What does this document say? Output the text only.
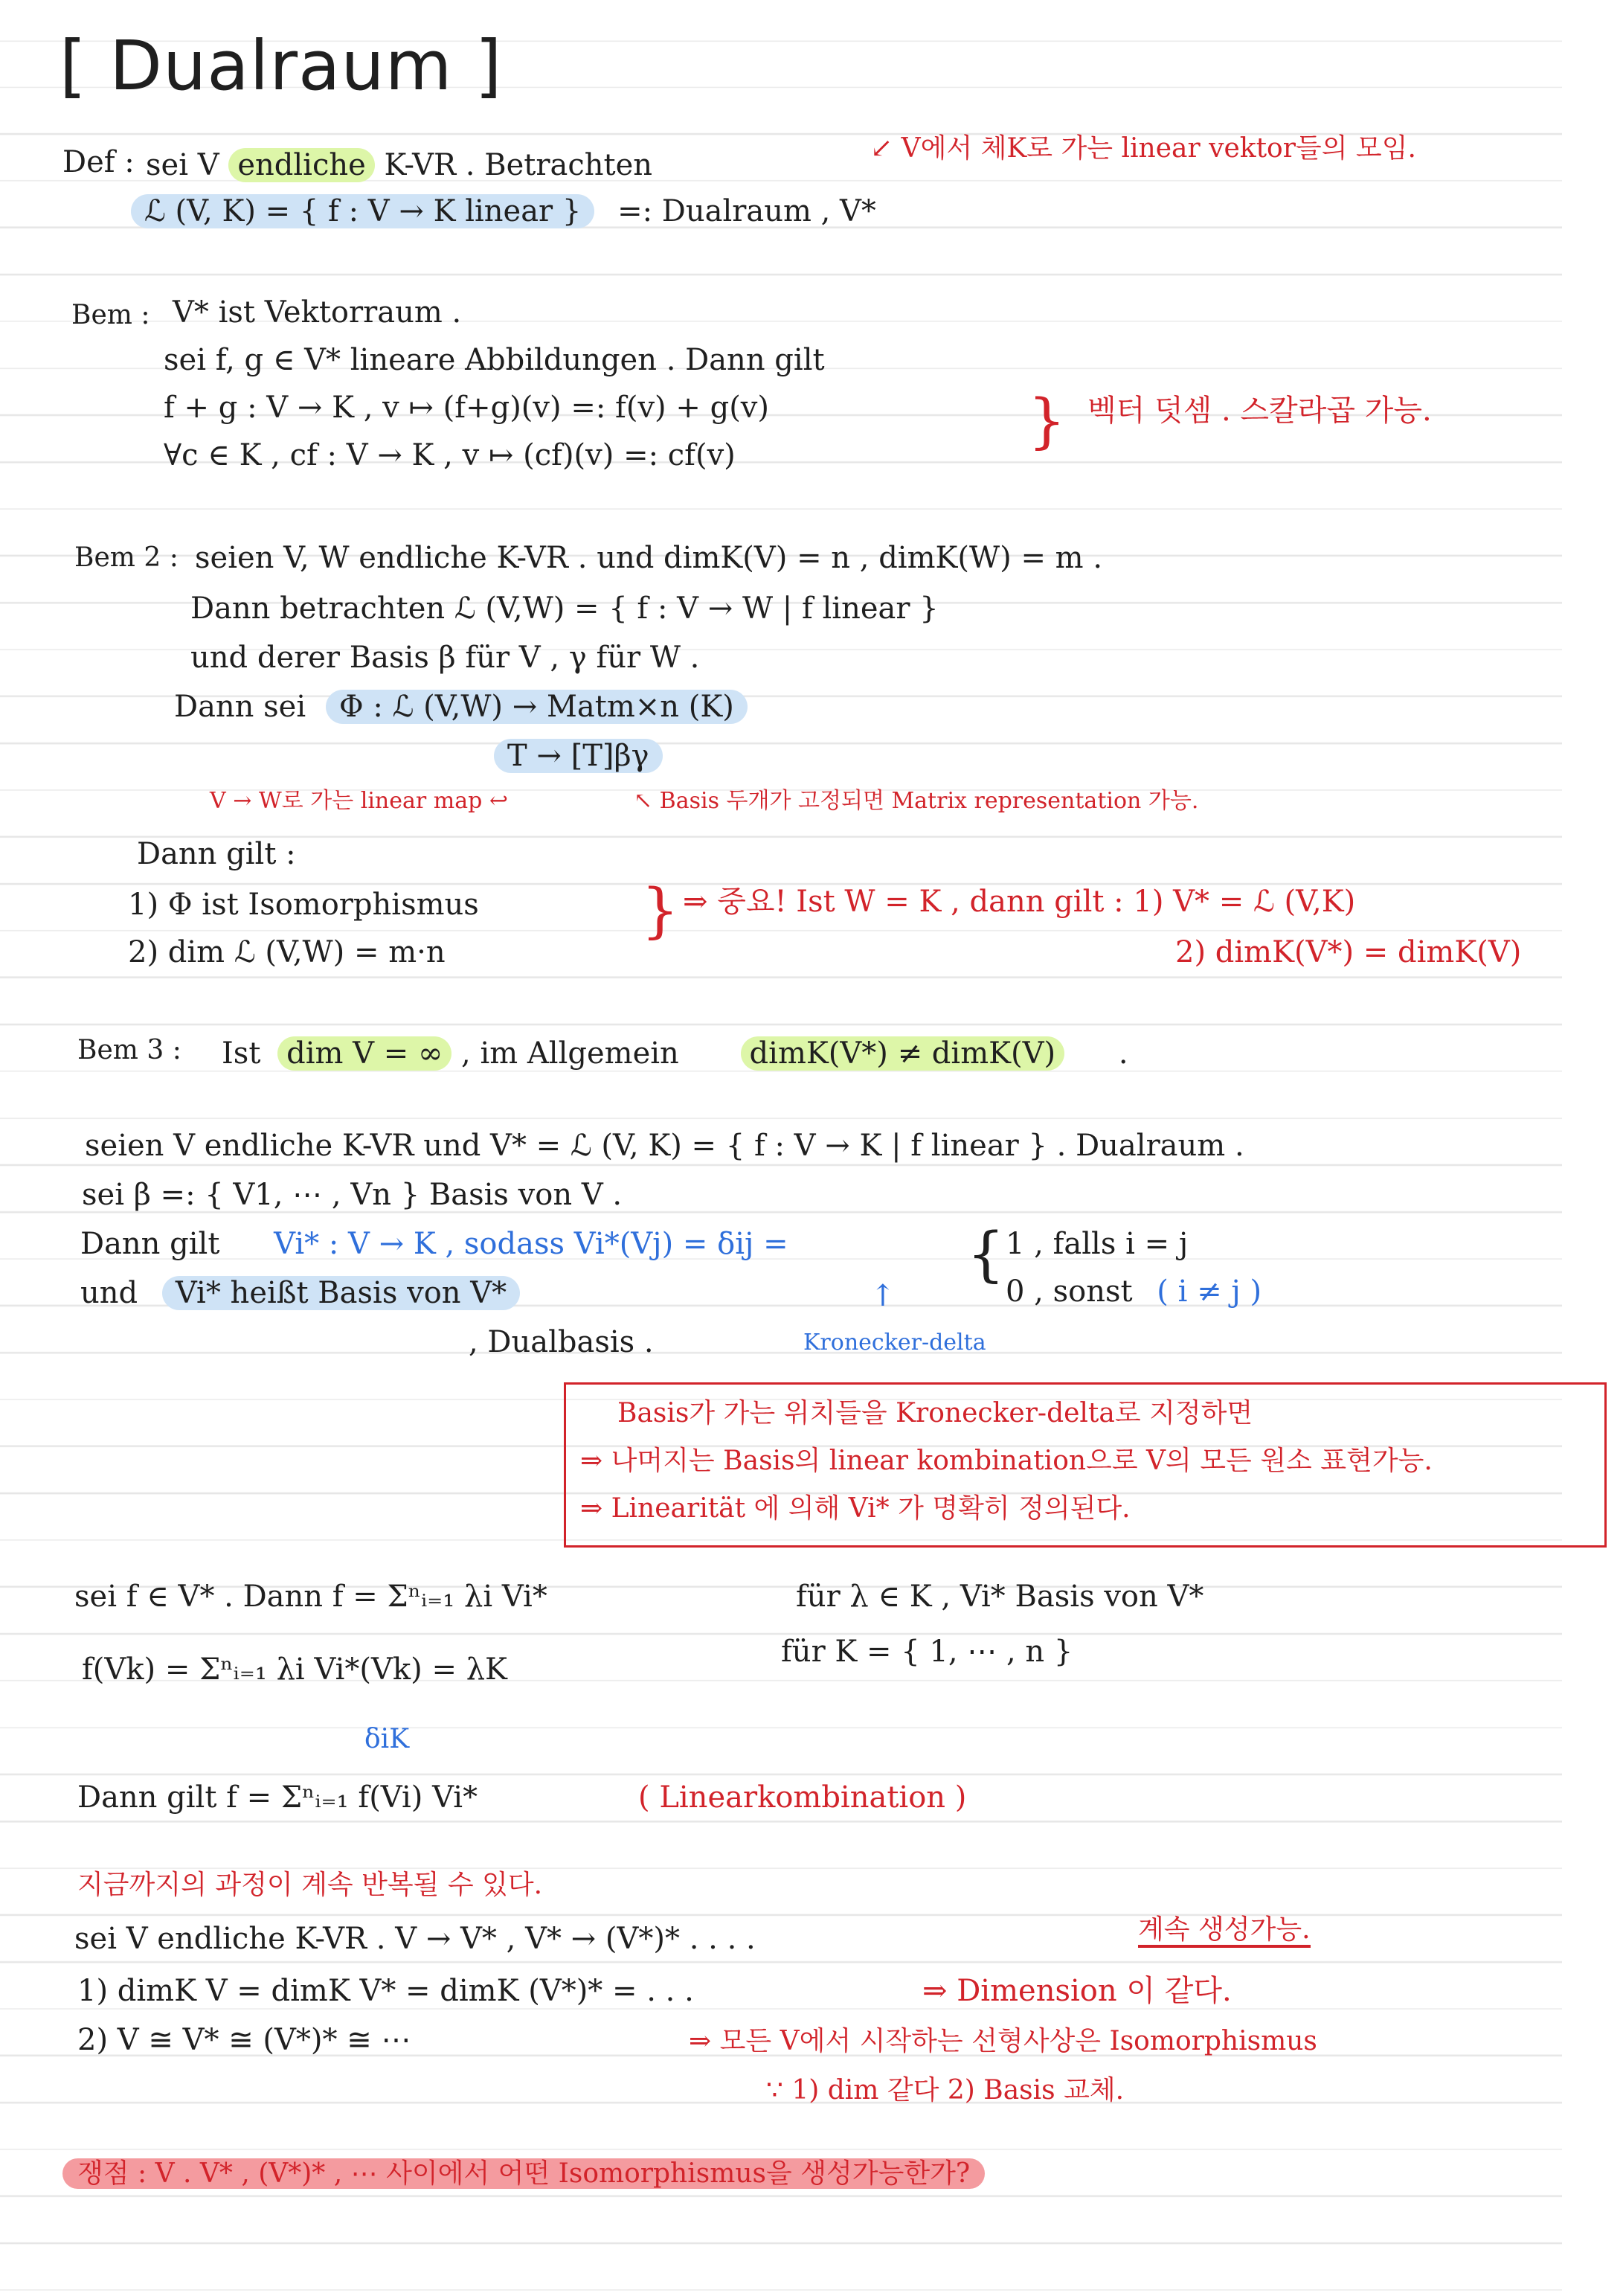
[ Dualraum ]
Def : sei V endliche K-VR . Betrachten	↙ V에서 체K로 가는 linear vektor들의 모임.
ℒ (V, K) = { f : V → K linear } =: Dualraum , V*
Bem : V* ist Vektorraum .
sei f, g ∈ V* lineare Abbildungen . Dann gilt
f + g : V → K , v ↦ (f+g)(v) =: f(v) + g(v)
∀c ∈ K , cf : V → K , v ↦ (cf)(v) =: cf(v)	} 벡터 덧셈 . 스칼라곱 가능.
Bem 2 : seien V, W endliche K-VR . und dimK(V) = n , dimK(W) = m .
Dann betrachten ℒ (V,W) = { f : V → W | f linear }
und derer Basis β für V , γ für W .
Dann sei Φ : ℒ (V,W) → Matm×n (K)
T → [T]βγ
V → W로 가는 linear map ↩	↖ Basis 두개가 고정되면 Matrix representation 가능.
Dann gilt :
1) Φ ist Isomorphismus
2) dim ℒ (V,W) = m·n
} ⇒ 중요! Ist W = K , dann gilt : 1) V* = ℒ (V,K)
2) dimK(V*) = dimK(V)
Bem 3 : Ist dim V = ∞ , im Allgemein dimK(V*) ≠ dimK(V) .
seien V endliche K-VR und V* = ℒ (V, K) = { f : V → K | f linear } . Dualraum .
sei β =: { V1, ⋯ , Vn } Basis von V .
Dann gilt Vi* : V → K , sodass Vi*(Vj) = δij =	{ 1 , falls i = j
0 , sonst ( i ≠ j )
und Vi* heißt Basis von V*
, Dualbasis .
↑
Kronecker-delta
Basis가 가는 위치들을 Kronecker-delta로 지정하면
⇒ 나머지는 Basis의 linear kombination으로 V의 모든 원소 표현가능.
⇒ Linearität 에 의해 Vi* 가 명확히 정의된다.
sei f ∈ V* . Dann f = Σⁿᵢ₌₁ λi Vi*	für λ ∈ K , Vi* Basis von V*
f(Vk) = Σⁿᵢ₌₁ λi Vi*(Vk) = λK
für K = { 1, ⋯ , n }
δiK
Dann gilt f = Σⁿᵢ₌₁ f(Vi) Vi*	( Linearkombination )
지금까지의 과정이 계속 반복될 수 있다.
sei V endliche K-VR . V → V* , V* → (V*)* . . . .	계속 생성가능.
1) dimK V = dimK V* = dimK (V*)* = . . .	⇒ Dimension 이 같다.
2) V ≅ V* ≅ (V*)* ≅ ⋯	⇒ 모든 V에서 시작하는 선형사상은 Isomorphismus
∵ 1) dim 같다 2) Basis 교체.
쟁점 : V . V* , (V*)* , ⋯ 사이에서 어떤 Isomorphismus을 생성가능한가?
